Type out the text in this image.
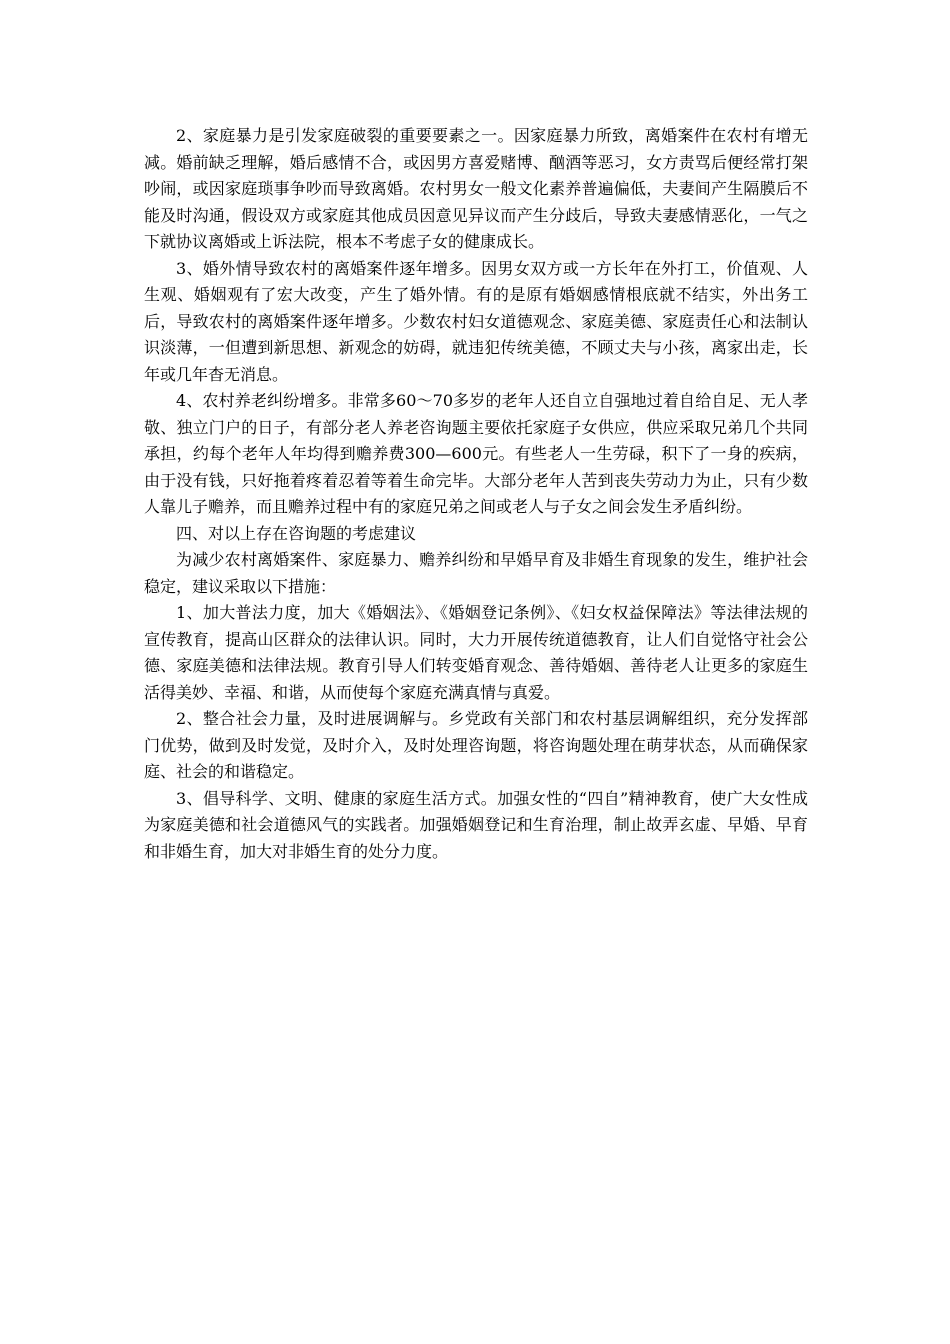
2、家庭暴力是引发家庭破裂的重要要素之一。因家庭暴力所致，离婚案件在农村有增无减。婚前缺乏理解，婚后感情不合，或因男方喜爱赌博、酗酒等恶习，女方责骂后便经常打架吵闹，或因家庭琐事争吵而导致离婚。农村男女一般文化素养普遍偏低，夫妻间产生隔膜后不能及时沟通，假设双方或家庭其他成员因意见异议而产生分歧后，导致夫妻感情恶化，一气之下就协议离婚或上诉法院，根本不考虑子女的健康成长。

3、婚外情导致农村的离婚案件逐年增多。因男女双方或一方长年在外打工，价值观、人生观、婚姻观有了宏大改变，产生了婚外情。有的是原有婚姻感情根底就不结实，外出务工后，导致农村的离婚案件逐年增多。少数农村妇女道德观念、家庭美德、家庭责任心和法制认识淡薄，一但遭到新思想、新观念的妨碍，就违犯传统美德，不顾丈夫与小孩，离家出走，长年或几年杳无消息。

4、农村养老纠纷增多。非常多60～70多岁的老年人还自立自强地过着自给自足、无人孝敬、独立门户的日子，有部分老人养老咨询题主要依托家庭子女供应，供应采取兄弟几个共同承担，约每个老年人年均得到赡养费300—600元。有些老人一生劳碌，积下了一身的疾病，由于没有钱，只好拖着疼着忍着等着生命完毕。大部分老年人苦到丧失劳动力为止，只有少数人靠儿子赡养，而且赡养过程中有的家庭兄弟之间或老人与子女之间会发生矛盾纠纷。

四、对以上存在咨询题的考虑建议

为减少农村离婚案件、家庭暴力、赡养纠纷和早婚早育及非婚生育现象的发生，维护社会稳定，建议采取以下措施：

1、加大普法力度，加大《婚姻法》、《婚姻登记条例》、《妇女权益保障法》等法律法规的宣传教育，提高山区群众的法律认识。同时，大力开展传统道德教育，让人们自觉恪守社会公德、家庭美德和法律法规。教育引导人们转变婚育观念、善待婚姻、善待老人让更多的家庭生活得美妙、幸福、和谐，从而使每个家庭充满真情与真爱。

2、整合社会力量，及时进展调解与。乡党政有关部门和农村基层调解组织，充分发挥部门优势，做到及时发觉，及时介入，及时处理咨询题，将咨询题处理在萌芽状态，从而确保家庭、社会的和谐稳定。

3、倡导科学、文明、健康的家庭生活方式。加强女性的“四自”精神教育，使广大女性成为家庭美德和社会道德风气的实践者。加强婚姻登记和生育治理，制止故弄玄虚、早婚、早育和非婚生育，加大对非婚生育的处分力度。
